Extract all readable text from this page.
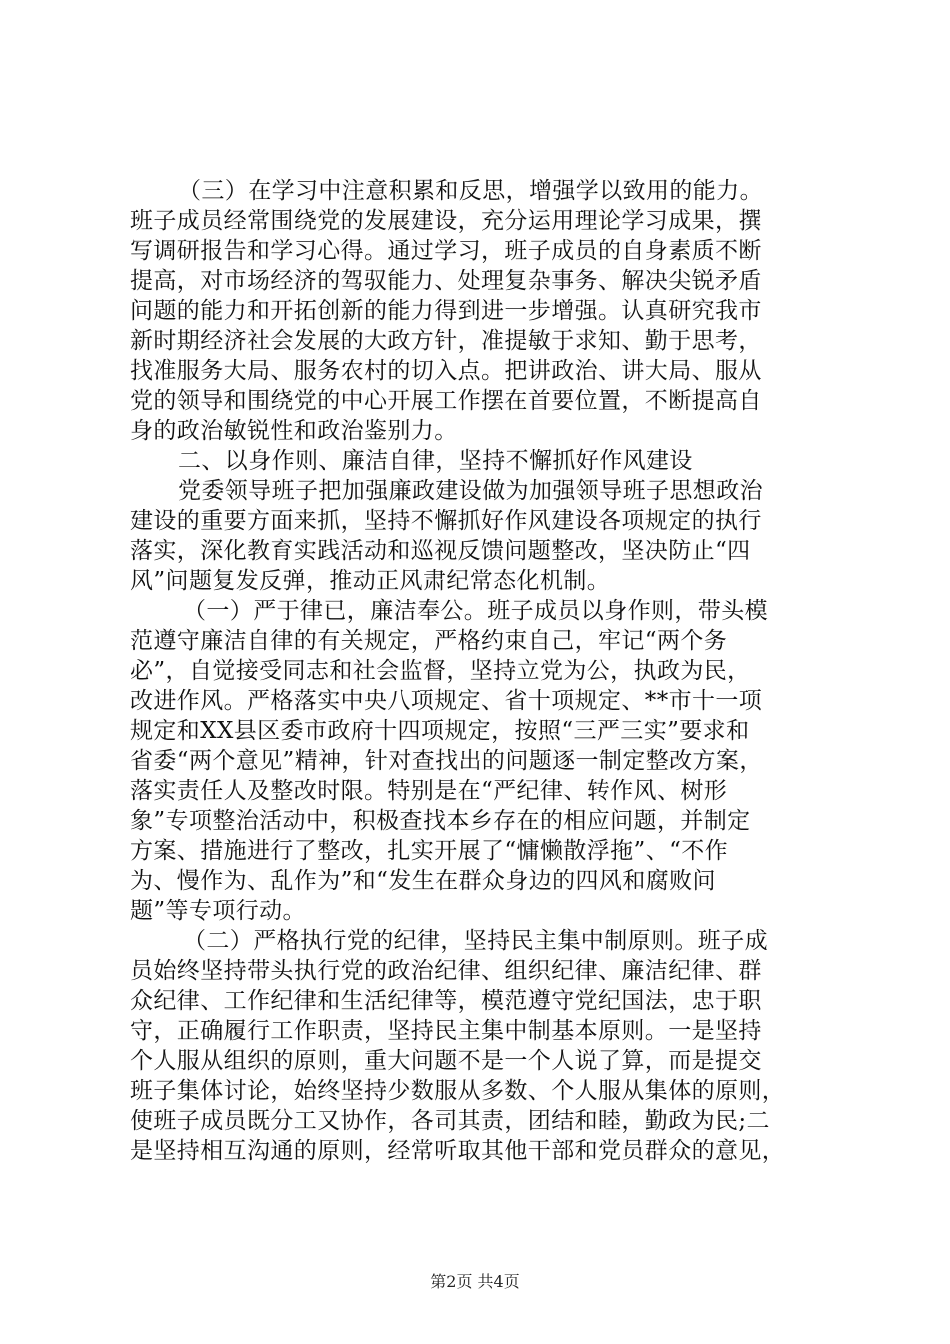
（三）在学习中注意积累和反思，增强学以致用的能力。
班子成员经常围绕党的发展建设，充分运用理论学习成果，撰
写调研报告和学习心得。通过学习，班子成员的自身素质不断
提高，对市场经济的驾驭能力、处理复杂事务、解决尖锐矛盾
问题的能力和开拓创新的能力得到进一步增强。认真研究我市
新时期经济社会发展的大政方针，准提敏于求知、勤于思考，
找准服务大局、服务农村的切入点。把讲政治、讲大局、服从
党的领导和围绕党的中心开展工作摆在首要位置，不断提高自
身的政治敏锐性和政治鉴别力。
二、以身作则、廉洁自律，坚持不懈抓好作风建设
党委领导班子把加强廉政建设做为加强领导班子思想政治
建设的重要方面来抓，坚持不懈抓好作风建设各项规定的执行
落实，深化教育实践活动和巡视反馈问题整改，坚决防止“四
风”问题复发反弹，推动正风肃纪常态化机制。
（一）严于律已，廉洁奉公。班子成员以身作则，带头模
范遵守廉洁自律的有关规定，严格约束自己，牢记“两个务
必”，自觉接受同志和社会监督，坚持立党为公，执政为民，
改进作风。严格落实中央八项规定、省十项规定、**市十一项
规定和XX县区委市政府十四项规定，按照“三严三实”要求和
省委“两个意见”精神，针对查找出的问题逐一制定整改方案，
落实责任人及整改时限。特别是在“严纪律、转作风、树形
象”专项整治活动中，积极查找本乡存在的相应问题，并制定
方案、措施进行了整改，扎实开展了“慵懒散浮拖”、“不作
为、慢作为、乱作为”和“发生在群众身边的四风和腐败问
题”等专项行动。
（二）严格执行党的纪律，坚持民主集中制原则。班子成
员始终坚持带头执行党的政治纪律、组织纪律、廉洁纪律、群
众纪律、工作纪律和生活纪律等，模范遵守党纪国法，忠于职
守，正确履行工作职责，坚持民主集中制基本原则。一是坚持
个人服从组织的原则，重大问题不是一个人说了算，而是提交
班子集体讨论，始终坚持少数服从多数、个人服从集体的原则，
使班子成员既分工又协作，各司其责，团结和睦，勤政为民;二
是坚持相互沟通的原则，经常听取其他干部和党员群众的意见，
第2页 共4页
